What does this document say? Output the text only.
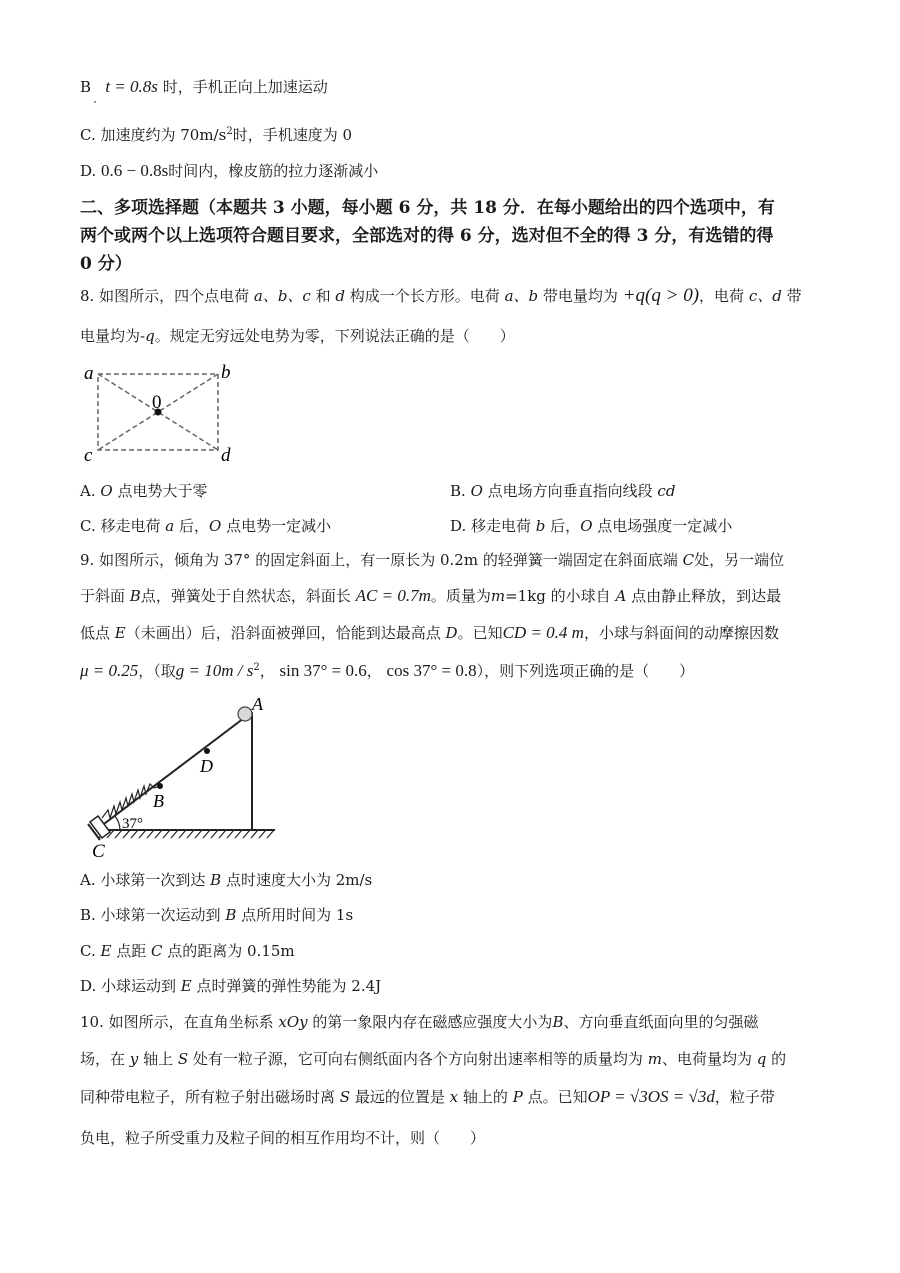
B t = 0.8s 时，手机正向上加速运动
C. 加速度约为 $70m/s^2$时，手机速度为 0
D. 0.6 − 0.8s时间内，橡皮筋的拉力逐渐减小
二、多项选择题（本题共 3 小题，每小题 6 分，共 18 分．在每小题给出的四个选项中，有
两个或两个以上选项符合题目要求，全部选对的得 6 分，选对但不全的得 3 分，有选错的得
0 分）
8. 如图所示，四个点电荷 a、b、c 和 d 构成一个长方形。电荷 a、b 带电量均为 +q(q > 0)，电荷 c、d 带
电量均为-q。规定无穷远处电势为零，下列说法正确的是（　　）
a	b
c	d
0
A. O 点电势大于零	B. O 点电场方向垂直指向线段 cd
C. 移走电荷 a 后，O 点电势一定减小	D. 移走电荷 b 后，O 点电场强度一定减小
9. 如图所示，倾角为 37° 的固定斜面上，有一原长为 0.2m 的轻弹簧一端固定在斜面底端 C处，另一端位
于斜面 B点，弹簧处于自然状态，斜面长 AC = 0.7m。质量为m=1kg 的小球自 A 点由静止释放，到达最
低点 E（未画出）后，沿斜面被弹回，恰能到达最高点 D。已知CD = 0.4 m，小球与斜面间的动摩擦因数
μ = 0.25，（取$g = 10m / s^2$， sin 37° = 0.6， cos 37° = 0.8），则下列选项正确的是（　　）
A
B
D
C
37°
A. 小球第一次到达 B 点时速度大小为 2m/s
B. 小球第一次运动到 B 点所用时间为 1s
C. E 点距 C 点的距离为 0.15m
D. 小球运动到 E 点时弹簧的弹性势能为 2.4J
10. 如图所示，在直角坐标系 xOy 的第一象限内存在磁感应强度大小为B、方向垂直纸面向里的匀强磁
场，在 y 轴上 S 处有一粒子源，它可向右侧纸面内各个方向射出速率相等的质量均为 m、电荷量均为 q 的
同种带电粒子，所有粒子射出磁场时离 S 最远的位置是 x 轴上的 P 点。已知OP = √3OS = √3d，粒子带
负电，粒子所受重力及粒子间的相互作用均不计，则（　　）
